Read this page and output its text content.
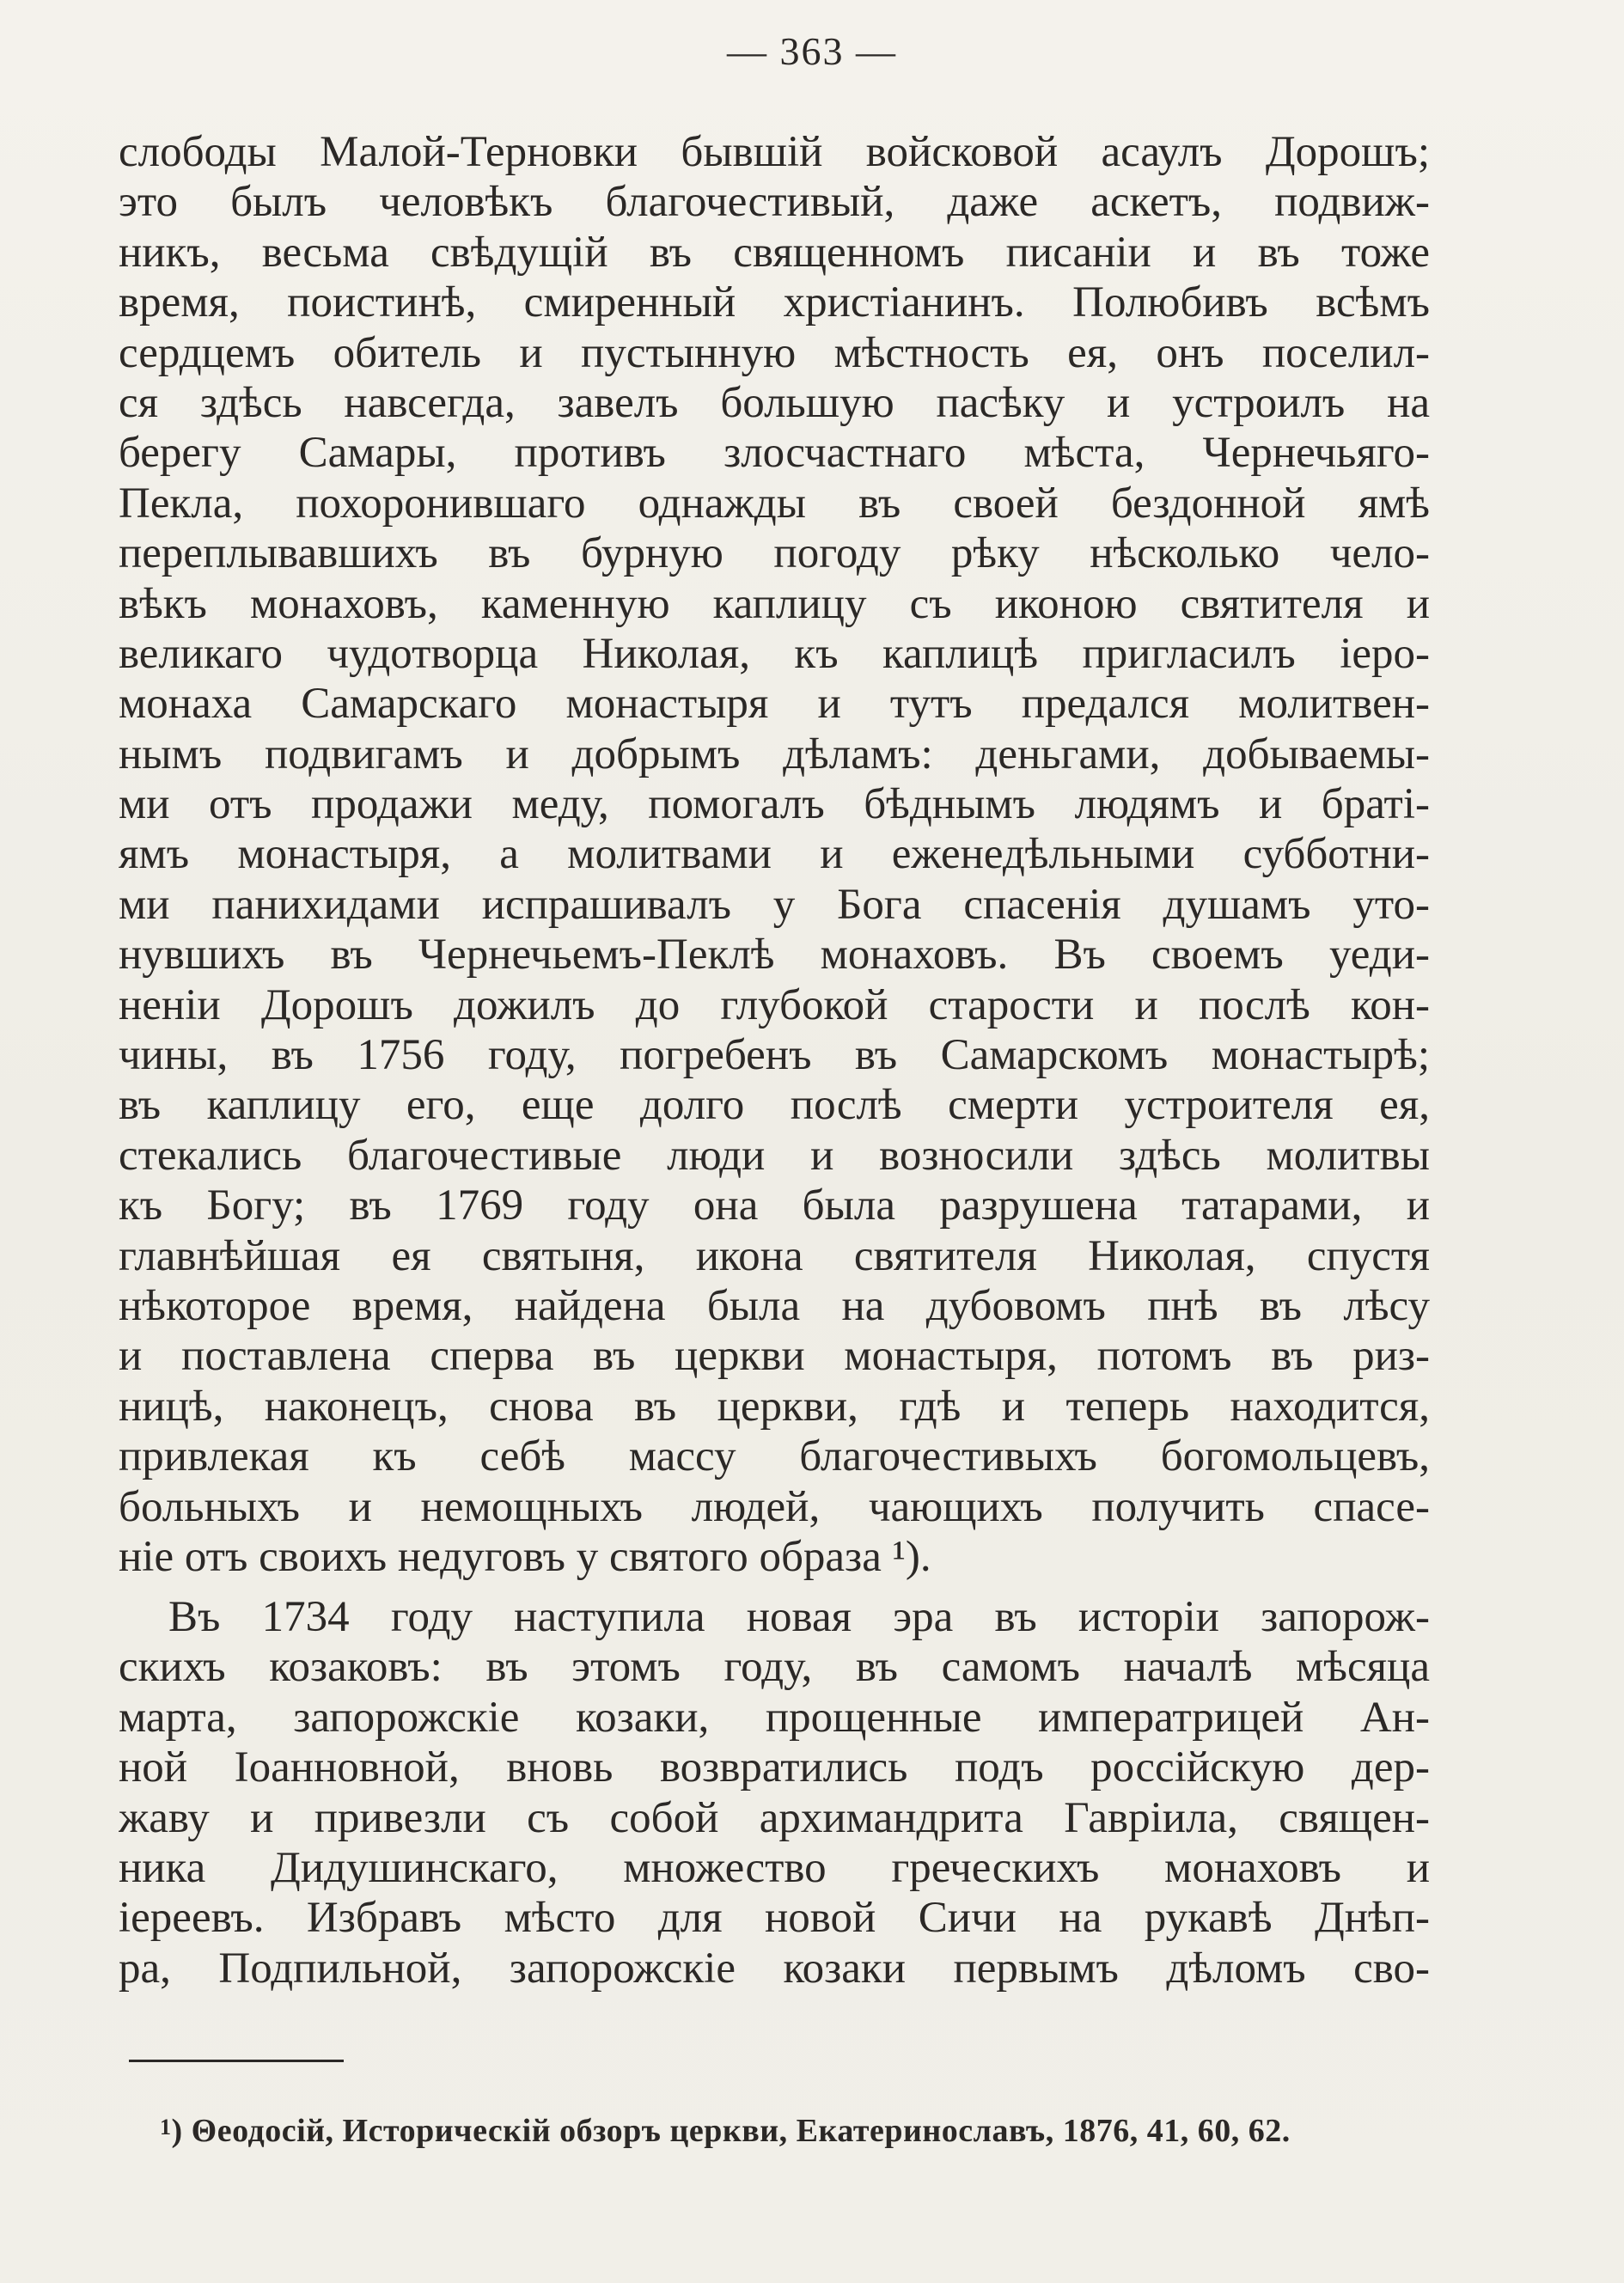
— 363 —
слободы Малой-Терновки бывшій войсковой асаулъ Дорошъ;
это былъ человѣкъ благочестивый, даже аскетъ, подвиж-
никъ, весьма свѣдущій въ священномъ писаніи и въ тоже
время, поистинѣ, смиренный христіанинъ. Полюбивъ всѣмъ
сердцемъ обитель и пустынную мѣстность ея, онъ поселил-
ся здѣсь навсегда, завелъ большую пасѣку и устроилъ на
берегу Самары, противъ злосчастнаго мѣста, Чернечьяго-
Пекла, похоронившаго однажды въ своей бездонной ямѣ
переплывавшихъ въ бурную погоду рѣку нѣсколько чело-
вѣкъ монаховъ, каменную каплицу съ иконою святителя и
великаго чудотворца Николая, къ каплицѣ пригласилъ іеро-
монаха Самарскаго монастыря и тутъ предался молитвен-
нымъ подвигамъ и добрымъ дѣламъ: деньгами, добываемы-
ми отъ продажи меду, помогалъ бѣднымъ людямъ и браті-
ямъ монастыря, а молитвами и еженедѣльными субботни-
ми панихидами испрашивалъ у Бога спасенія душамъ уто-
нувшихъ въ Чернечьемъ-Пеклѣ монаховъ. Въ своемъ уеди-
неніи Дорошъ дожилъ до глубокой старости и послѣ кон-
чины, въ 1756 году, погребенъ въ Самарскомъ монастырѣ;
въ каплицу его, еще долго послѣ смерти устроителя ея,
стекались благочестивые люди и возносили здѣсь молитвы
къ Богу; въ 1769 году она была разрушена татарами, и
главнѣйшая ея святыня, икона святителя Николая, спустя
нѣкоторое время, найдена была на дубовомъ пнѣ въ лѣсу
и поставлена сперва въ церкви монастыря, потомъ въ риз-
ницѣ, наконецъ, снова въ церкви, гдѣ и теперь находится,
привлекая къ себѣ массу благочестивыхъ богомольцевъ,
больныхъ и немощныхъ людей, чающихъ получить спасе-
ніе отъ своихъ недуговъ у святого образа ¹).
Въ 1734 году наступила новая эра въ исторіи запорож-
скихъ козаковъ: въ этомъ году, въ самомъ началѣ мѣсяца
марта, запорожскіе козаки, прощенные императрицей Ан-
ной Іоанновной, вновь возвратились подъ россійскую дер-
жаву и привезли съ собой архимандрита Гавріила, священ-
ника Дидушинскаго, множество греческихъ монаховъ и
іереевъ. Избравъ мѣсто для новой Сичи на рукавѣ Днѣп-
ра, Подпильной, запорожскіе козаки первымъ дѣломъ сво-
$^1$) Θеодосій, Историческій обзоръ церкви, Екатеринославъ, 1876, 41, 60, 62.
